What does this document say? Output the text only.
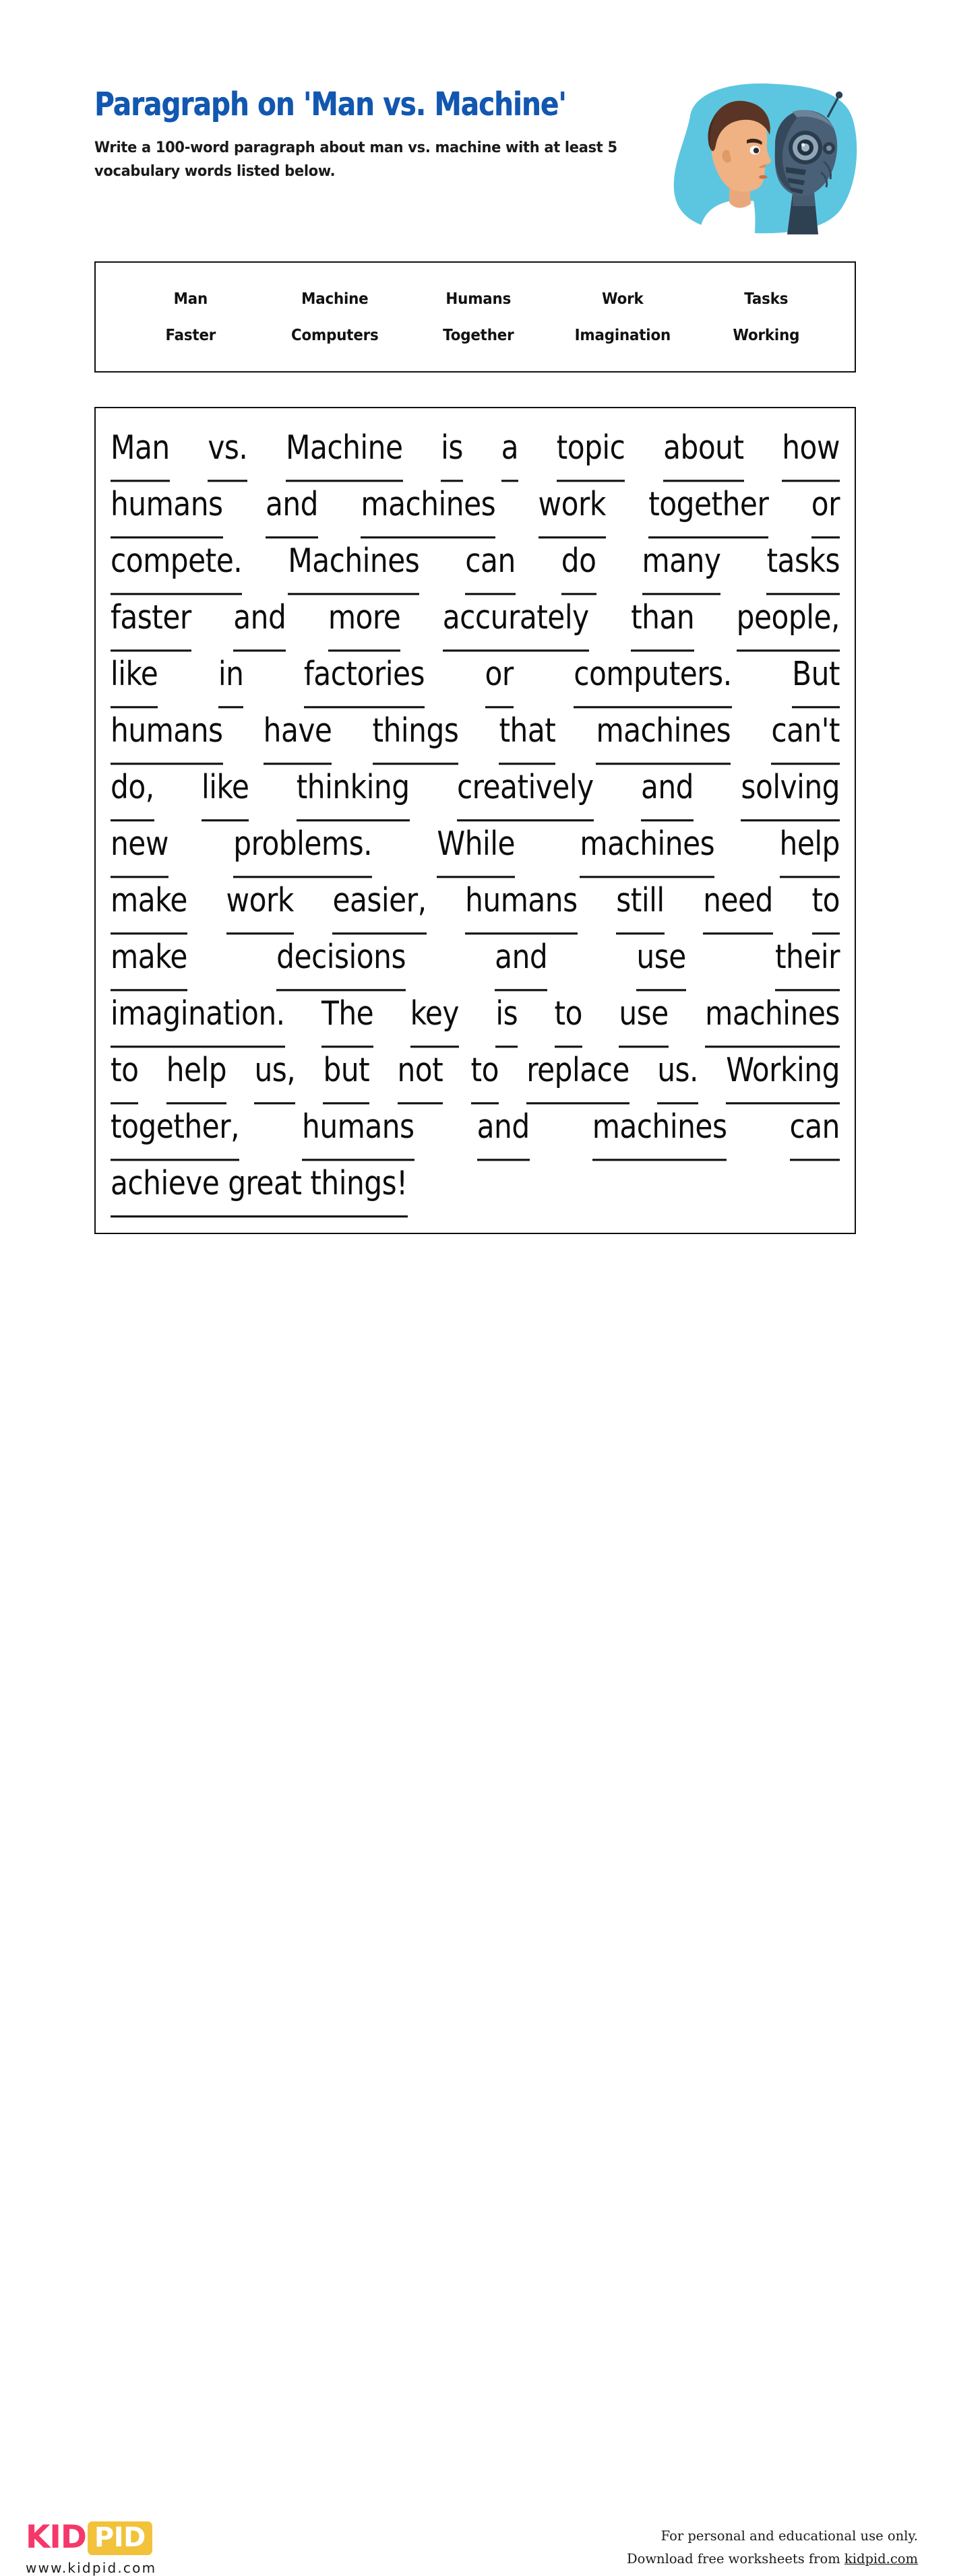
Paragraph on 'Man vs. Machine'
Write a 100-word paragraph about man vs. machine with at least 5 vocabulary words listed below.
Man	Machine	Humans	Work	Tasks
Faster	Computers	Together	Imagination	Working
Man vs. Machine is a topic about how
humans and machines work together or
compete. Machines can do many tasks
faster and more accurately than people,
like in factories or computers. But
humans have things that machines can't
do, like thinking creatively and solving
new problems. While machines help
make work easier, humans still need to
make	decisions	and	use	their
imagination. The key is to use machines
to help us, but not to replace us. Working
together, humans and machines can
achieve great things!
KID PID
www.kidpid.com
For personal and educational use only.
Download free worksheets from kidpid.com
